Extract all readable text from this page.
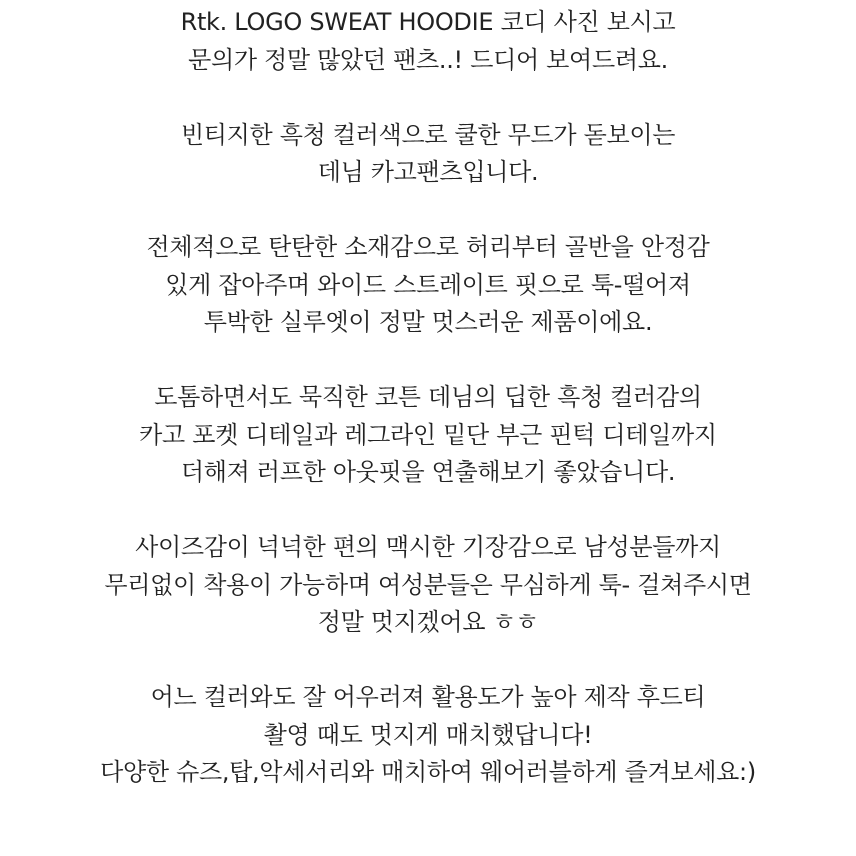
Rtk. LOGO SWEAT HOODIE 코디 사진 보시고
문의가 정말 많았던 팬츠..! 드디어 보여드려요.

빈티지한 흑청 컬러색으로 쿨한 무드가 돋보이는
데님 카고팬츠입니다.

전체적으로 탄탄한 소재감으로 허리부터 골반을 안정감
있게 잡아주며 와이드 스트레이트 핏으로 툭-떨어져
투박한 실루엣이 정말 멋스러운 제품이에요.

도톰하면서도 묵직한 코튼 데님의 딥한 흑청 컬러감의
카고 포켓 디테일과 레그라인 밑단 부근 핀턱 디테일까지
더해져 러프한 아웃핏을 연출해보기 좋았습니다.

사이즈감이 넉넉한 편의 맥시한 기장감으로 남성분들까지
무리없이 착용이 가능하며 여성분들은 무심하게 툭- 걸쳐주시면
정말 멋지겠어요 ㅎㅎ

어느 컬러와도 잘 어우러져 활용도가 높아 제작 후드티
촬영 때도 멋지게 매치했답니다!
다양한 슈즈,탑,악세서리와 매치하여 웨어러블하게 즐겨보세요:)
